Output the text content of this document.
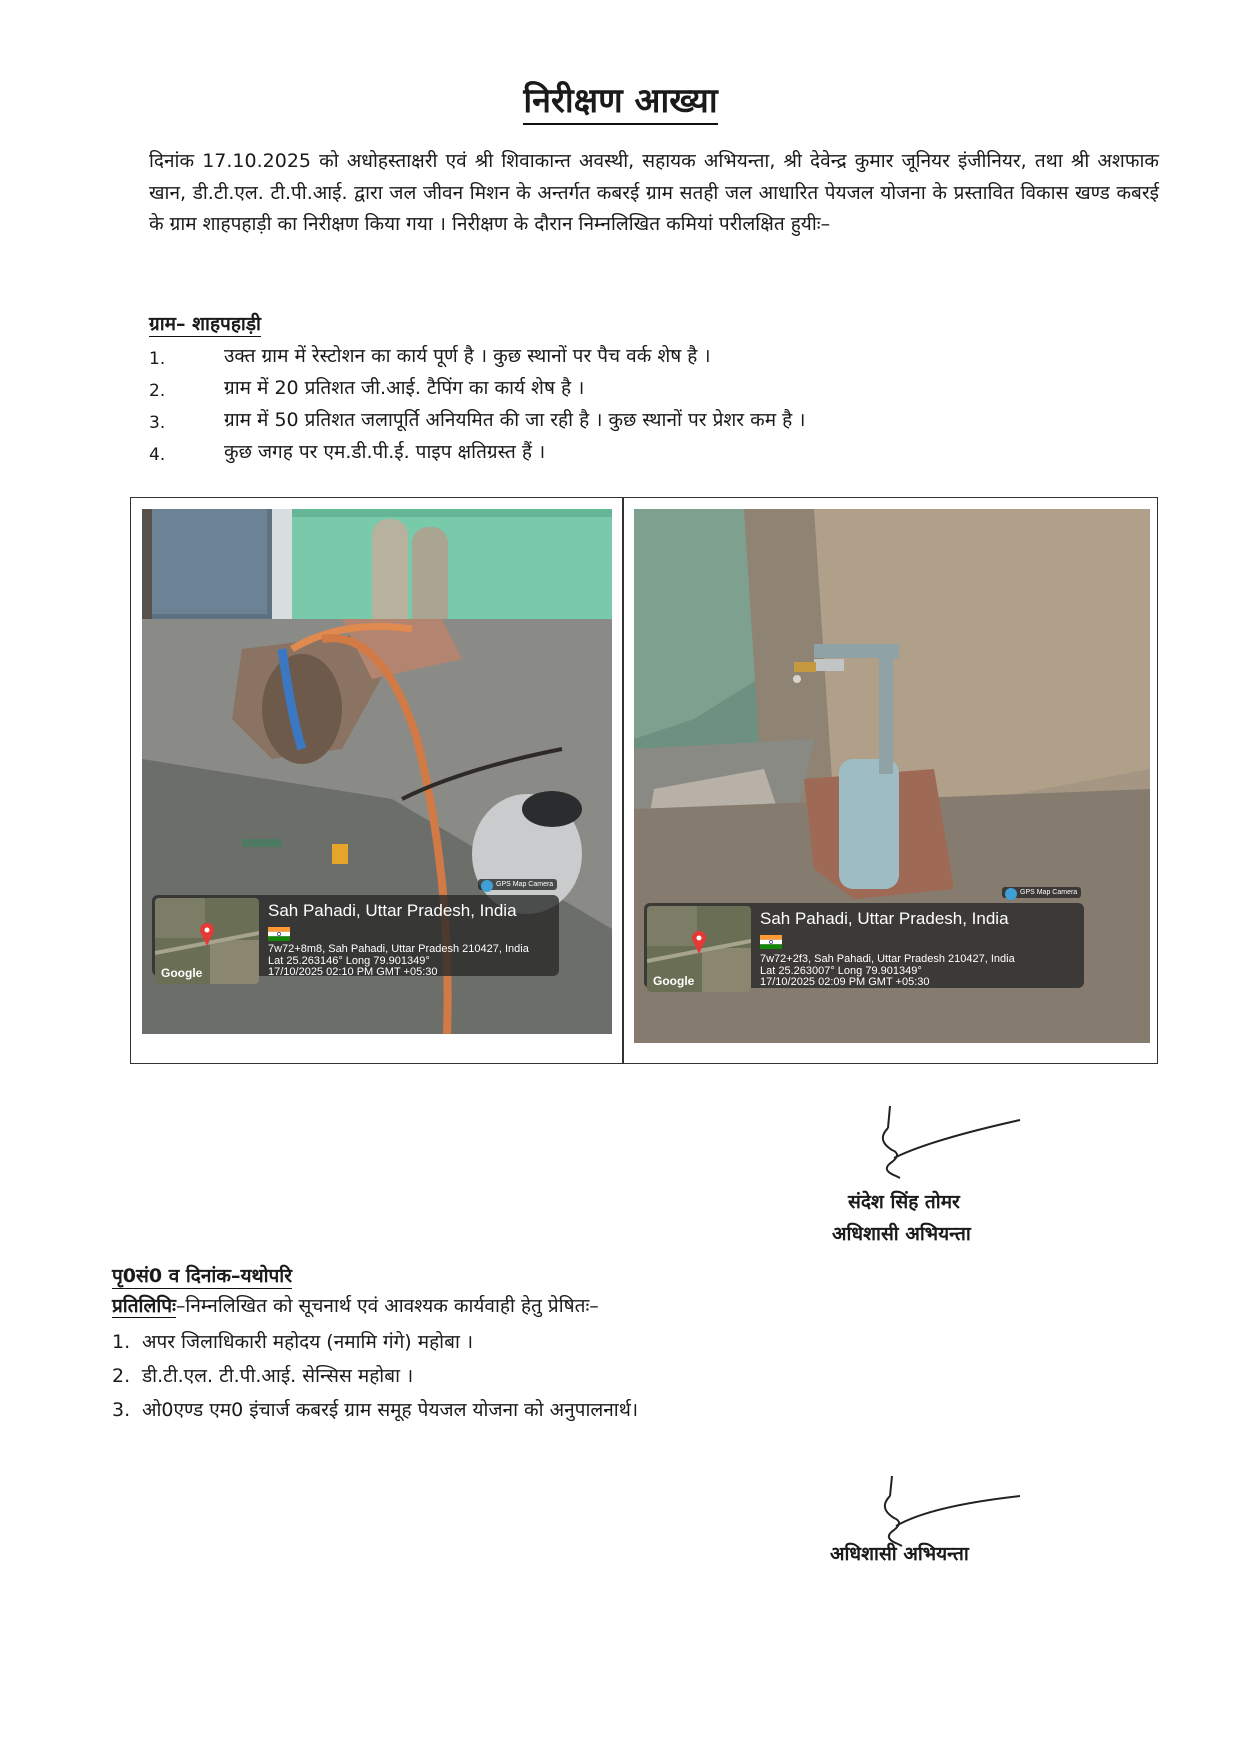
निरीक्षण आख्या
दिनांक 17.10.2025 को अधोहस्ताक्षरी एवं श्री शिवाकान्त अवस्थी, सहायक अभियन्ता, श्री देवेन्द्र कुमार जूनियर इंजीनियर, तथा श्री अशफाक खान, डी.टी.एल. टी.पी.आई. द्वारा जल जीवन मिशन के अन्तर्गत कबरई ग्राम सतही जल आधारित पेयजल योजना के प्रस्तावित विकास खण्ड कबरई के ग्राम शाहपहाड़ी का निरीक्षण किया गया । निरीक्षण के दौरान निम्नलिखित कमियां परीलक्षित हुयीः–
ग्राम– शाहपहाड़ी
1.	उक्त ग्राम में रेस्टोशन का कार्य पूर्ण है । कुछ स्थानों पर पैच वर्क शेष है ।
2.	ग्राम में 20 प्रतिशत जी.आई. टैपिंग का कार्य शेष है ।
3.	ग्राम में 50 प्रतिशत जलापूर्ति अनियमित की जा रही है । कुछ स्थानों पर प्रेशर कम है ।
4.	कुछ जगह पर एम.डी.पी.ई. पाइप क्षतिग्रस्त हैं ।
GPS Map Camera
Google
Sah Pahadi, Uttar Pradesh, India
7w72+8m8, Sah Pahadi, Uttar Pradesh 210427, India
Lat 25.263146° Long 79.901349°
17/10/2025 02:10 PM GMT +05:30
GPS Map Camera
Google
Sah Pahadi, Uttar Pradesh, India
7w72+2f3, Sah Pahadi, Uttar Pradesh 210427, India
Lat 25.263007° Long 79.901349°
17/10/2025 02:09 PM GMT +05:30
संदेश सिंह तोमर
अधिशासी अभियन्ता
पृ0सं0 व दिनांक–यथोपरि
प्रतिलिपिः–निम्नलिखित को सूचनार्थ एवं आवश्यक कार्यवाही हेतु प्रेषितः–
1. अपर जिलाधिकारी महोदय (नमामि गंगे) महोबा ।
2. डी.टी.एल. टी.पी.आई. सेन्सिस महोबा ।
3. ओ0एण्ड एम0 इंचार्ज कबरई ग्राम समूह पेयजल योजना को अनुपालनार्थ।
अधिशासी अभियन्ता
